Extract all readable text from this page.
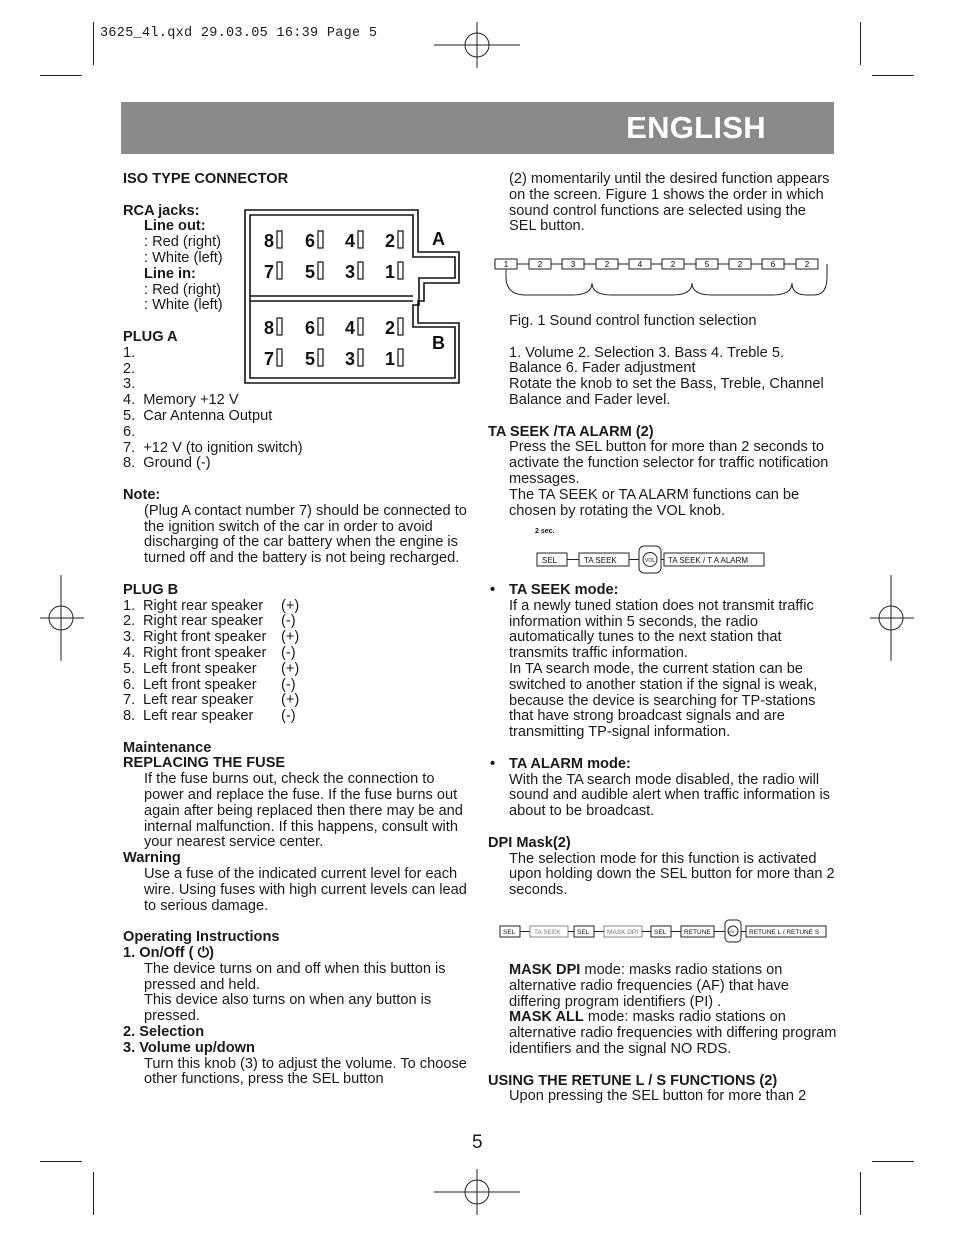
3625_4l.qxd 29.03.05 16:39 Page 5
ENGLISH
8 6 4 2
7 5 3 1
8 6 4 2
7 5 3 1
A
B
ISO TYPE CONNECTOR
RCA jacks:
Line out:
: Red (right)
: White (left)
Line in:
: Red (right)
: White (left)
PLUG A
1.
2.
3.
4.  Memory +12 V
5.  Car Antenna Output
6.
7.  +12 V (to ignition switch)
8.  Ground (-)
Note:
(Plug A contact number 7) should be connected to the ignition switch of the car in order to avoid discharging of the car battery when the engine is turned off and the battery is not being recharged.
PLUG B
1. Right rear speaker (+)
2. Right rear speaker (-)
3. Right front speaker (+)
4. Right front speaker (-)
5. Left front speaker (+)
6. Left front speaker (-)
7. Left rear speaker (+)
8. Left rear speaker (-)
Maintenance
REPLACING THE FUSE
If the fuse burns out, check the connection to power and replace the fuse. If the fuse burns out again after being replaced then there may be and internal malfunction. If this happens, consult with your nearest service center.
Warning
Use a fuse of the indicated current level for each wire. Using fuses with high current levels can lead to serious damage.
Operating Instructions
1. On/Off ( ⏻)
The device turns on and off when this button is pressed and held.
This device also turns on when any button is pressed.
2. Selection
3. Volume up/down
Turn this knob (3) to adjust the volume. To choose other functions, press the SEL button
(2) momentarily until the desired function appears on the screen. Figure 1 shows the order in which sound control functions are selected using the SEL button.
1	2	3	2	4	2	5	2	6	2
Fig. 1 Sound control function selection
1. Volume 2. Selection 3. Bass 4. Treble 5. Balance 6. Fader adjustment
Rotate the knob to set the Bass, Treble, Channel Balance and Fader level.
TA SEEK /TA ALARM (2)
Press the SEL button for more than 2 seconds to activate the function selector for traffic notification messages.
The TA SEEK or TA ALARM functions can be chosen by rotating the VOL knob.
2 sec.
SEL	TA SEEK	VOL TA SEEK / T A ALARM
• TA SEEK mode:
If a newly tuned station does not transmit traffic information within 5 seconds, the radio automatically tunes to the next station that transmits traffic information.
In TA search mode, the current station can be switched to another station if the signal is weak, because the device is searching for TP-stations that have strong broadcast signals and are transmitting TP-signal information.
• TA ALARM mode:
With the TA search mode disabled, the radio will sound and audible alert when traffic information is about to be broadcast.
DPI Mask(2)
The selection mode for this function is activated upon holding down the SEL button for more than 2 seconds.
SEL	TA SEEK	SEL	MASK DPI SEL	RETUNE	VOL RETUNE L / RETUNE S
MASK DPI mode: masks radio stations on alternative radio frequencies (AF) that have differing program identifiers (PI) .
MASK ALL mode: masks radio stations on alternative radio frequencies with differing program identifiers and the signal NO RDS.
USING THE RETUNE L / S FUNCTIONS (2)
Upon pressing the SEL button for more than 2
5
